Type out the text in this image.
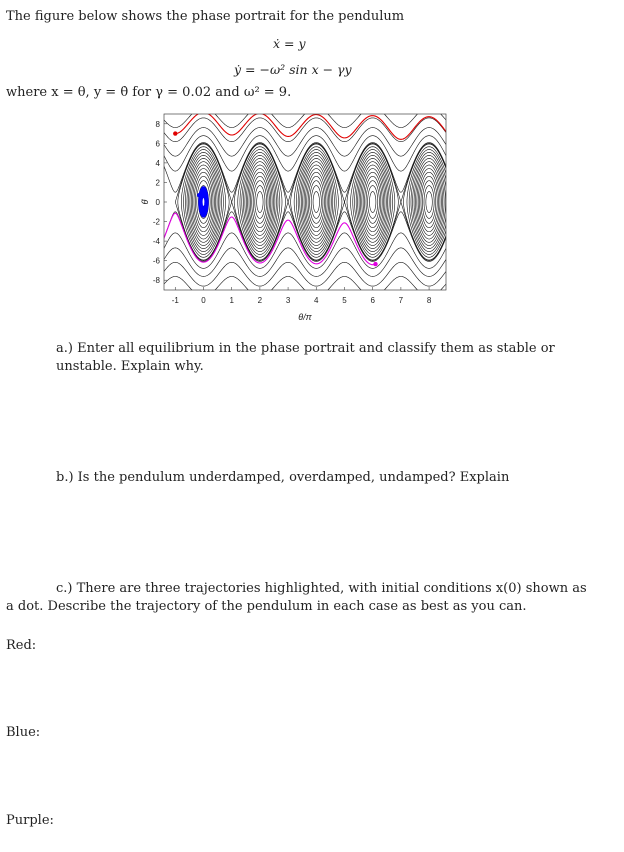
The figure below shows the phase portrait for the pendulum
ẋ = y
ẏ = −ω² sin x − γy
where x = θ, y = θ̇ for γ = 0.02 and ω² = 9.
8
6
4
2
0
-2
-4
-6
-8
-1	0	1	2	3	4	5	6	7	8
θ/π
θ̇
a.) Enter all equilibrium in the phase portrait and classify them as stable or unstable. Explain why.
b.) Is the pendulum underdamped, overdamped, undamped? Explain
c.) There are three trajectories highlighted, with initial conditions x(0) shown as a dot. Describe the trajectory of the pendulum in each case as best as you can.
Red:
Blue:
Purple:
